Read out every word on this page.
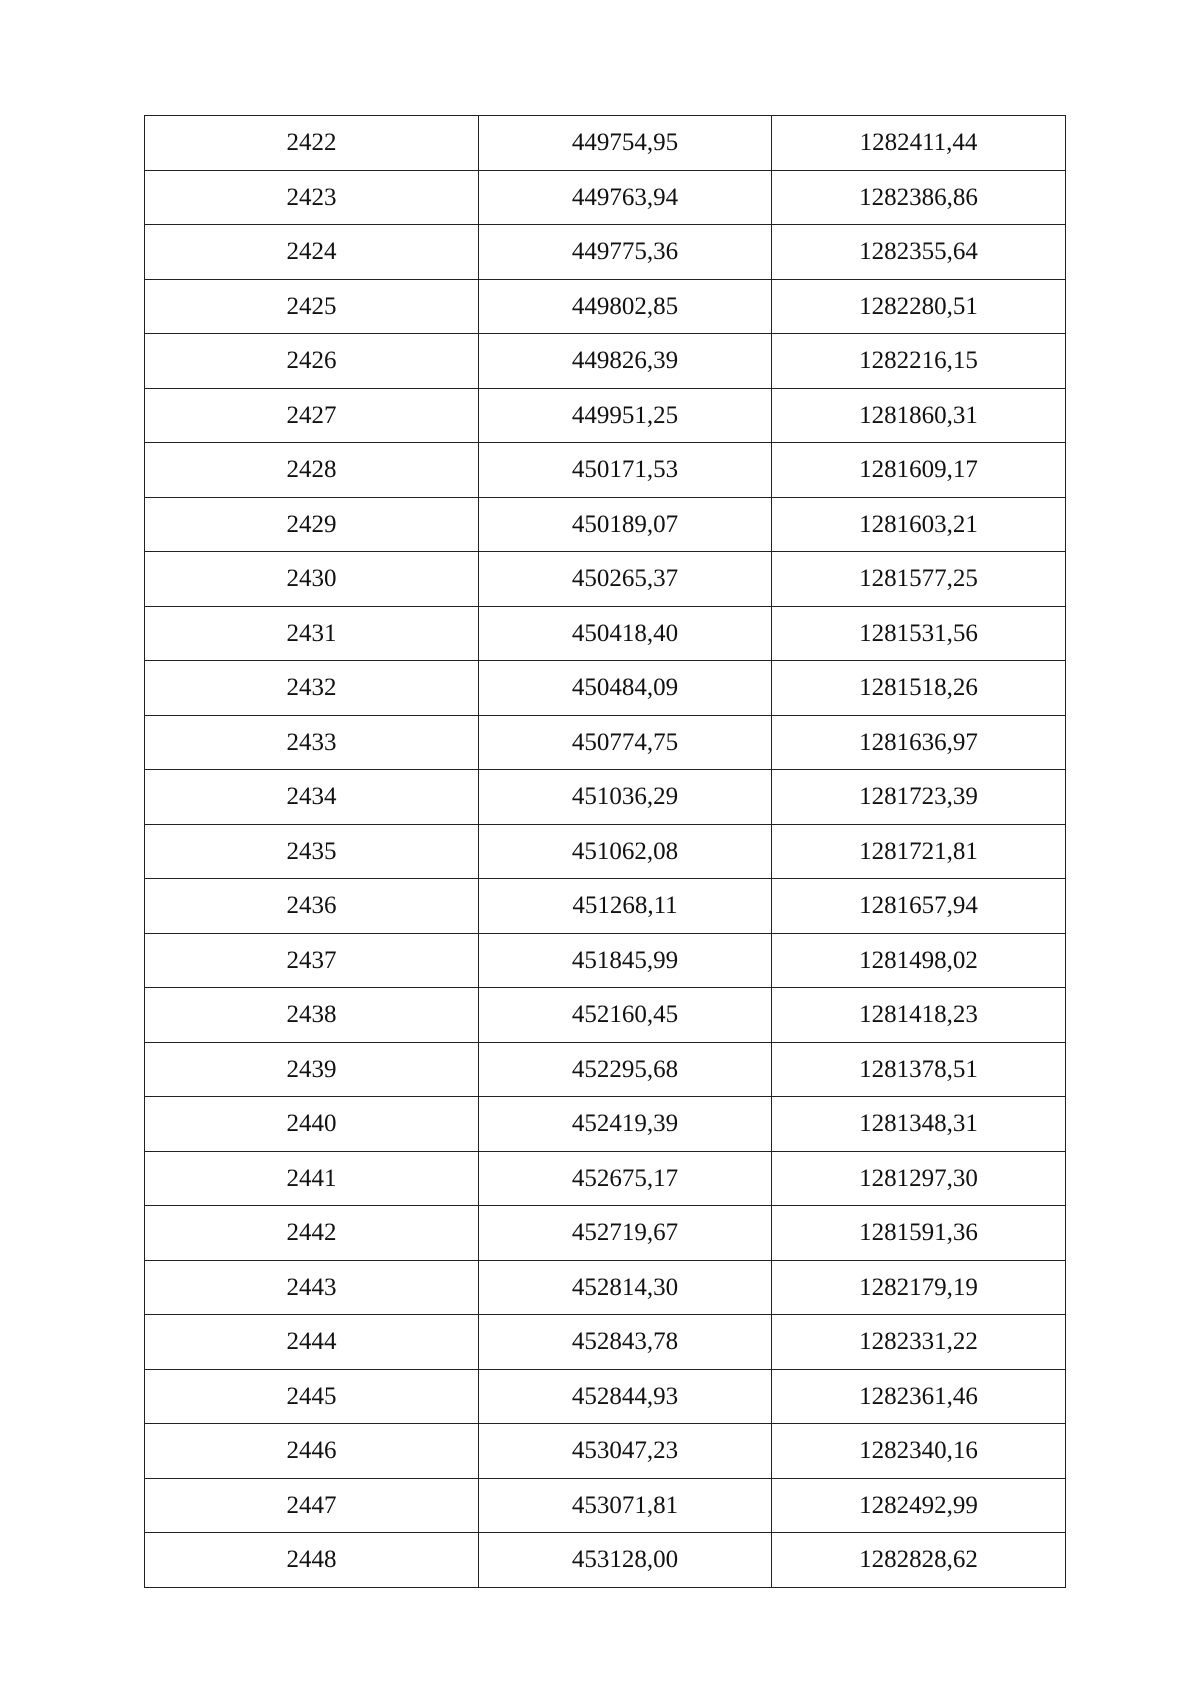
2422	449754,95	1282411,44
2423	449763,94	1282386,86
2424	449775,36	1282355,64
2425	449802,85	1282280,51
2426	449826,39	1282216,15
2427	449951,25	1281860,31
2428	450171,53	1281609,17
2429	450189,07	1281603,21
2430	450265,37	1281577,25
2431	450418,40	1281531,56
2432	450484,09	1281518,26
2433	450774,75	1281636,97
2434	451036,29	1281723,39
2435	451062,08	1281721,81
2436	451268,11	1281657,94
2437	451845,99	1281498,02
2438	452160,45	1281418,23
2439	452295,68	1281378,51
2440	452419,39	1281348,31
2441	452675,17	1281297,30
2442	452719,67	1281591,36
2443	452814,30	1282179,19
2444	452843,78	1282331,22
2445	452844,93	1282361,46
2446	453047,23	1282340,16
2447	453071,81	1282492,99
2448	453128,00	1282828,62
